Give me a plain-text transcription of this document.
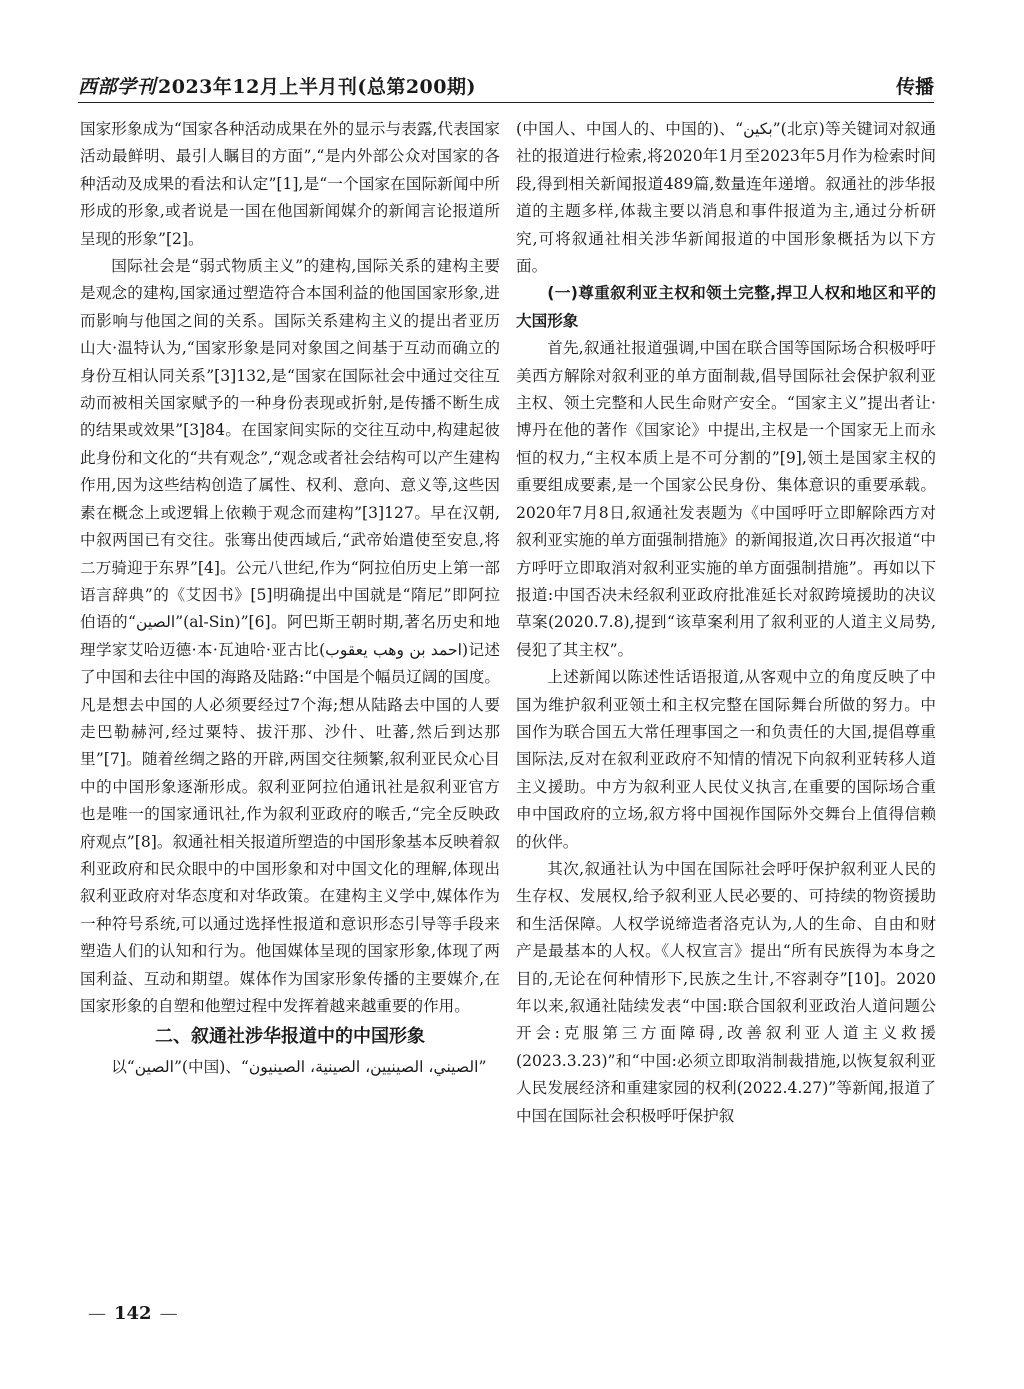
西部学刊 2023年12月上半月刊(总第200期)	传播

国家形象成为“国家各种活动成果在外的显示与表露,代表国家活动最鲜明、最引人瞩目的方面”,“是内外部公众对国家的各种活动及成果的看法和认定”[1],是“一个国家在国际新闻中所形成的形象,或者说是一国在他国新闻媒介的新闻言论报道所呈现的形象”[2]。

国际社会是“弱式物质主义”的建构,国际关系的建构主要是观念的建构,国家通过塑造符合本国利益的他国国家形象,进而影响与他国之间的关系。国际关系建构主义的提出者亚历山大·温特认为,“国家形象是同对象国之间基于互动而确立的身份互相认同关系”[3]132,是“国家在国际社会中通过交往互动而被相关国家赋予的一种身份表现或折射,是传播不断生成的结果或效果”[3]84。在国家间实际的交往互动中,构建起彼此身份和文化的“共有观念”,“观念或者社会结构可以产生建构作用,因为这些结构创造了属性、权利、意向、意义等,这些因素在概念上或逻辑上依赖于观念而建构”[3]127。早在汉朝,中叙两国已有交往。张骞出使西域后,“武帝始遣使至安息,将二万骑迎于东界”[4]。公元八世纪,作为“阿拉伯历史上第一部语言辞典”的《艾因书》[5]明确提出中国就是“隋尼”即阿拉伯语的“الصين”(al-Sin)”[6]。阿巴斯王朝时期,著名历史和地理学家艾哈迈德·本·瓦迪哈·亚古比(احمد بن وهب يعقوب)记述了中国和去往中国的海路及陆路:“中国是个幅员辽阔的国度。凡是想去中国的人必须要经过7个海;想从陆路去中国的人要走巴勒赫河,经过粟特、拔汗那、沙什、吐蕃,然后到达那里”[7]。随着丝绸之路的开辟,两国交往频繁,叙利亚民众心目中的中国形象逐渐形成。叙利亚阿拉伯通讯社是叙利亚官方也是唯一的国家通讯社,作为叙利亚政府的喉舌,“完全反映政府观点”[8]。叙通社相关报道所塑造的中国形象基本反映着叙利亚政府和民众眼中的中国形象和对中国文化的理解,体现出叙利亚政府对华态度和对华政策。在建构主义学中,媒体作为一种符号系统,可以通过选择性报道和意识形态引导等手段来塑造人们的认知和行为。他国媒体呈现的国家形象,体现了两国利益、互动和期望。媒体作为国家形象传播的主要媒介,在国家形象的自塑和他塑过程中发挥着越来越重要的作用。

二、叙通社涉华报道中的中国形象

以“الصين”(中国)、“الصيني، الصينيين، الصينية، الصينيون”

(中国人、中国人的、中国的)、“بكين”(北京)等关键词对叙通社的报道进行检索,将2020年1月至2023年5月作为检索时间段,得到相关新闻报道489篇,数量连年递增。叙通社的涉华报道的主题多样,体裁主要以消息和事件报道为主,通过分析研究,可将叙通社相关涉华新闻报道的中国形象概括为以下方面。

(一)尊重叙利亚主权和领土完整,捍卫人权和地区和平的大国形象

首先,叙通社报道强调,中国在联合国等国际场合积极呼吁美西方解除对叙利亚的单方面制裁,倡导国际社会保护叙利亚主权、领土完整和人民生命财产安全。“国家主义”提出者让·博丹在他的著作《国家论》中提出,主权是一个国家无上而永恒的权力,“主权本质上是不可分割的”[9],领土是国家主权的重要组成要素,是一个国家公民身份、集体意识的重要承载。2020年7月8日,叙通社发表题为《中国呼吁立即解除西方对叙利亚实施的单方面强制措施》的新闻报道,次日再次报道“中方呼吁立即取消对叙利亚实施的单方面强制措施”。再如以下报道:中国否决未经叙利亚政府批准延长对叙跨境援助的决议草案(2020.7.8),提到“该草案利用了叙利亚的人道主义局势,侵犯了其主权”。

上述新闻以陈述性话语报道,从客观中立的角度反映了中国为维护叙利亚领土和主权完整在国际舞台所做的努力。中国作为联合国五大常任理事国之一和负责任的大国,提倡尊重国际法,反对在叙利亚政府不知情的情况下向叙利亚转移人道主义援助。中方为叙利亚人民仗义执言,在重要的国际场合重申中国政府的立场,叙方将中国视作国际外交舞台上值得信赖的伙伴。

其次,叙通社认为中国在国际社会呼吁保护叙利亚人民的生存权、发展权,给予叙利亚人民必要的、可持续的物资援助和生活保障。人权学说缔造者洛克认为,人的生命、自由和财产是最基本的人权。《人权宣言》提出“所有民族得为本身之目的,无论在何种情形下,民族之生计,不容剥夺”[10]。2020年以来,叙通社陆续发表“中国:联合国叙利亚政治人道问题公开会:克服第三方面障碍,改善叙利亚人道主义救援(2023.3.23)”和“中国:必须立即取消制裁措施,以恢复叙利亚人民发展经济和重建家园的权利(2022.4.27)”等新闻,报道了中国在国际社会积极呼吁保护叙

— 142 —
